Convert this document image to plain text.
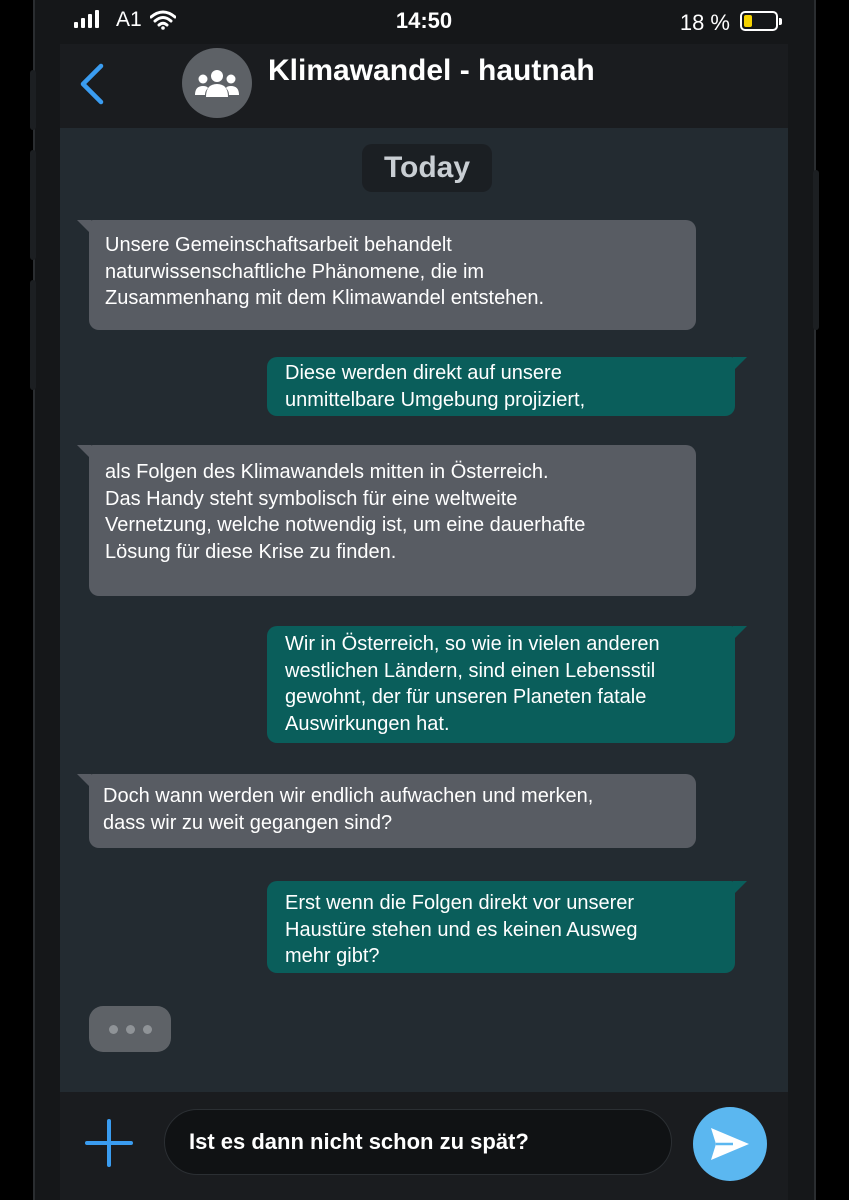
A1	14:50	18 %
Klimawandel - hautnah
Today
Unsere Gemeinschaftsarbeit behandelt
naturwissenschaftliche Phänomene, die im
Zusammenhang mit dem Klimawandel entstehen.
Diese werden direkt auf unsere
unmittelbare Umgebung projiziert,
als Folgen des Klimawandels mitten in Österreich.
Das Handy steht symbolisch für eine weltweite
Vernetzung, welche notwendig ist, um eine dauerhafte
Lösung für diese Krise zu finden.
Wir in Österreich, so wie in vielen anderen
westlichen Ländern, sind einen Lebensstil
gewohnt, der für unseren Planeten fatale
Auswirkungen hat.
Doch wann werden wir endlich aufwachen und merken,
dass wir zu weit gegangen sind?
Erst wenn die Folgen direkt vor unserer
Haustüre stehen und es keinen Ausweg
mehr gibt?
Ist es dann nicht schon zu spät?
